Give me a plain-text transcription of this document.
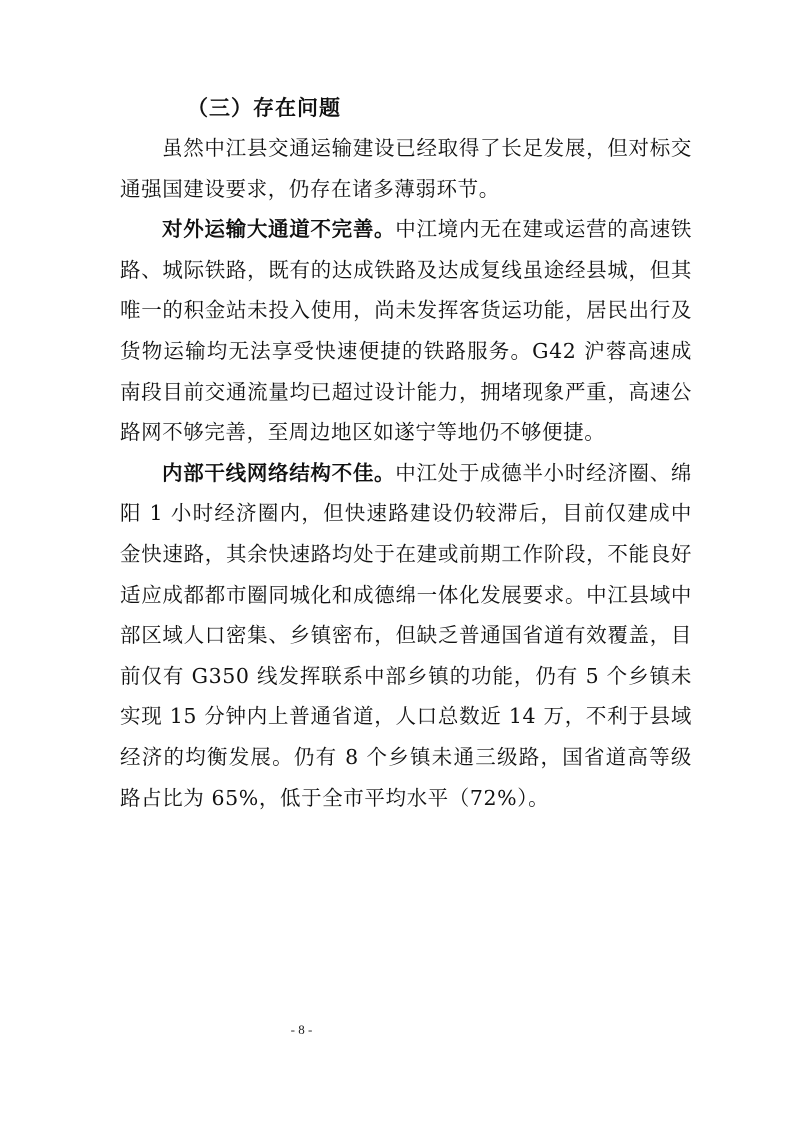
（三）存在问题

虽然中江县交通运输建设已经取得了长足发展，但对标交通强国建设要求，仍存在诸多薄弱环节。

对外运输大通道不完善。中江境内无在建或运营的高速铁路、城际铁路，既有的达成铁路及达成复线虽途经县城，但其唯一的积金站未投入使用，尚未发挥客货运功能，居民出行及货物运输均无法享受快速便捷的铁路服务。G42 沪蓉高速成南段目前交通流量均已超过设计能力，拥堵现象严重，高速公路网不够完善，至周边地区如遂宁等地仍不够便捷。

内部干线网络结构不佳。中江处于成德半小时经济圈、绵阳 1 小时经济圈内，但快速路建设仍较滞后，目前仅建成中金快速路，其余快速路均处于在建或前期工作阶段，不能良好适应成都都市圈同城化和成德绵一体化发展要求。中江县域中部区域人口密集、乡镇密布，但缺乏普通国省道有效覆盖，目前仅有 G350 线发挥联系中部乡镇的功能，仍有 5 个乡镇未实现 15 分钟内上普通省道，人口总数近 14 万，不利于县域经济的均衡发展。仍有 8 个乡镇未通三级路，国省道高等级路占比为 65%，低于全市平均水平（72%）。

- 8 -
